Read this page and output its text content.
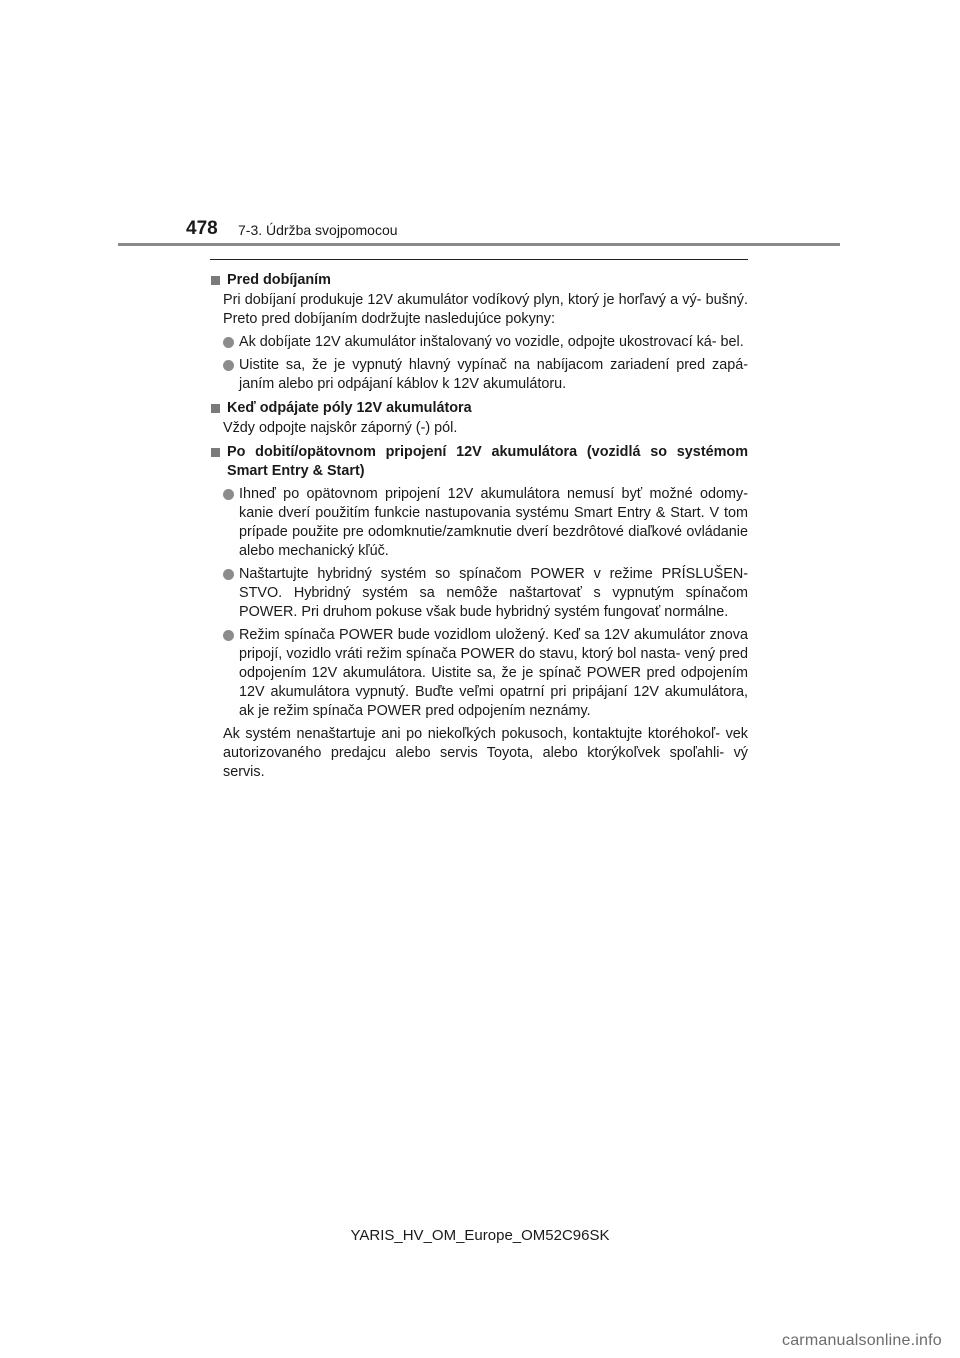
478 7-3. Údržba svojpomocou
Pred dobíjaním
Pri dobíjaní produkuje 12V akumulátor vodíkový plyn, ktorý je horľavý a vý- bušný. Preto pred dobíjaním dodržujte nasledujúce pokyny:
Ak dobíjate 12V akumulátor inštalovaný vo vozidle, odpojte ukostrovací ká- bel.
Uistite sa, že je vypnutý hlavný vypínač na nabíjacom zariadení pred zapá- janím alebo pri odpájaní káblov k 12V akumulátoru.
Keď odpájate póly 12V akumulátora
Vždy odpojte najskôr záporný (-) pól.
Po dobití/opätovnom pripojení 12V akumulátora (vozidlá so systémom Smart Entry & Start)
Ihneď po opätovnom pripojení 12V akumulátora nemusí byť možné odomy- kanie dverí použitím funkcie nastupovania systému Smart Entry & Start. V tom prípade použite pre odomknutie/zamknutie dverí bezdrôtové diaľkové ovládanie alebo mechanický kľúč.
Naštartujte hybridný systém so spínačom POWER v režime PRÍSLUŠEN- STVO. Hybridný systém sa nemôže naštartovať s vypnutým spínačom POWER. Pri druhom pokuse však bude hybridný systém fungovať normálne.
Režim spínača POWER bude vozidlom uložený. Keď sa 12V akumulátor znova pripojí, vozidlo vráti režim spínača POWER do stavu, ktorý bol nasta- vený pred odpojením 12V akumulátora. Uistite sa, že je spínač POWER pred odpojením 12V akumulátora vypnutý. Buďte veľmi opatrní pri pripájaní 12V akumulátora, ak je režim spínača POWER pred odpojením neznámy.
Ak systém nenaštartuje ani po niekoľkých pokusoch, kontaktujte ktoréhokoľ- vek autorizovaného predajcu alebo servis Toyota, alebo ktorýkoľvek spoľahli- vý servis.
YARIS_HV_OM_Europe_OM52C96SK
carmanualsonline.info
